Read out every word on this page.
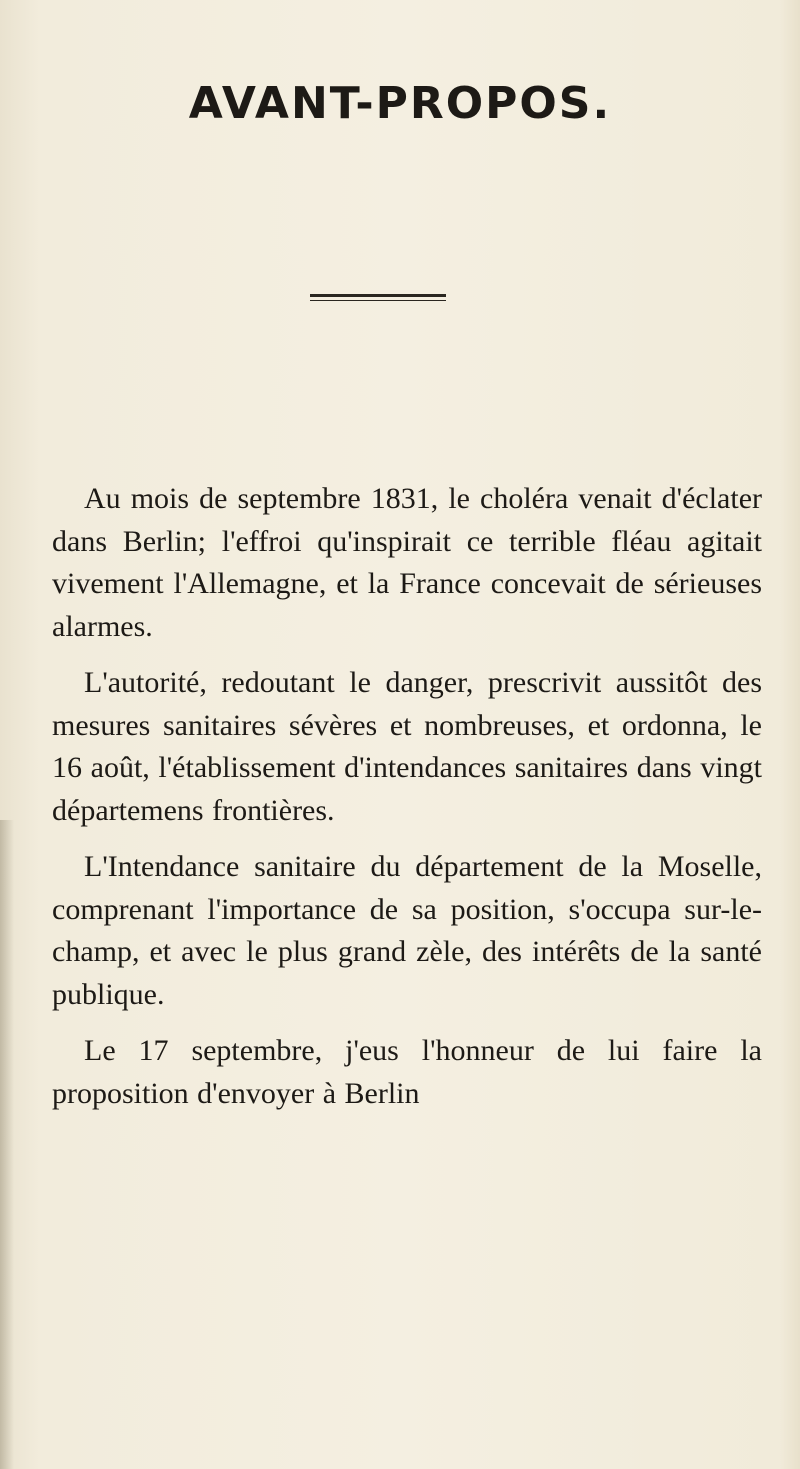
AVANT-PROPOS.

Au mois de septembre 1831, le choléra venait d'éclater dans Berlin; l'effroi qu'inspirait ce terrible fléau agitait vivement l'Allemagne, et la France concevait de sérieuses alarmes.

L'autorité, redoutant le danger, prescrivit aussitôt des mesures sanitaires sévères et nombreuses, et ordonna, le 16 août, l'établissement d'intendances sanitaires dans vingt départemens frontières.

L'Intendance sanitaire du département de la Moselle, comprenant l'importance de sa position, s'occupa sur-le-champ, et avec le plus grand zèle, des intérêts de la santé publique.

Le 17 septembre, j'eus l'honneur de lui faire la proposition d'envoyer à Berlin
